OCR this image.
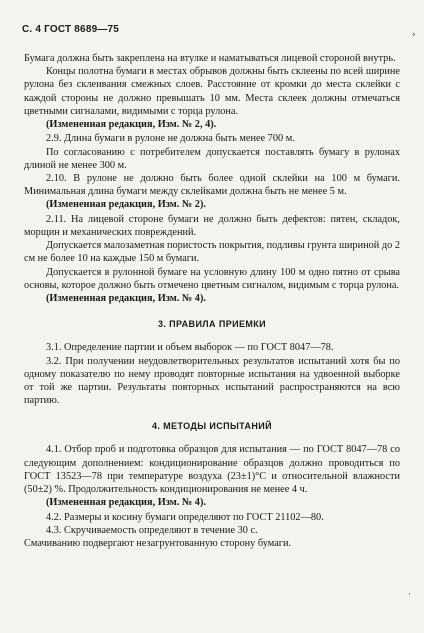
С. 4 ГОСТ 8689—75

Бумага должна быть закреплена на втулке и наматываться лицевой стороной внутрь.

Концы полотна бумаги в местах обрывов должны быть склеены по всей ширине рулона без склеивания смежных слоев. Расстояние от кромки до места склейки с каждой стороны не должно превышать 10 мм. Места склеек должны отмечаться цветными сигналами, видимыми с торца рулона.

(Измененная редакция, Изм. № 2, 4).

2.9. Длина бумаги в рулоне не должна быть менее 700 м.

По согласованию с потребителем допускается поставлять бумагу в рулонах длиной не менее 300 м.

2.10. В рулоне не должно быть более одной склейки на 100 м бумаги. Минимальная длина бумаги между склейками должна быть не менее 5 м.

(Измененная редакция, Изм. № 2).

2.11. На лицевой стороне бумаги не должно быть дефектов: пятен, складок, морщин и механических повреждений.

Допускается малозаметная пористость покрытия, подливы грунта шириной до 2 см не более 10 на каждые 150 м бумаги.

Допускается в рулонной бумаге на условную длину 100 м одно пятно от срыва основы, которое должно быть отмечено цветным сигналом, видимым с торца рулона.

(Измененная редакция, Изм. № 4).

3. ПРАВИЛА ПРИЕМКИ

3.1. Определение партии и объем выборок — по ГОСТ 8047—78.

3.2. При получении неудовлетворительных результатов испытаний хотя бы по одному показателю по нему проводят повторные испытания на удвоенной выборке от той же партии. Результаты повторных испытаний распространяются на всю партию.

4. МЕТОДЫ ИСПЫТАНИЙ

4.1. Отбор проб и подготовка образцов для испытания — по ГОСТ 8047—78 со следующим дополнением: кондиционирование образцов должно проводиться по ГОСТ 13523—78 при температуре воздуха (23±1)°С и относительной влажности (50±2) %. Продолжительность кондиционирования не менее 4 ч.

(Измененная редакция, Изм. № 4).

4.2. Размеры и косину бумаги определяют по ГОСТ 21102—80.

4.3. Скручиваемость определяют в течение 30 с.

Смачиванию подвергают незагрунтованную сторону бумаги.

›
·
